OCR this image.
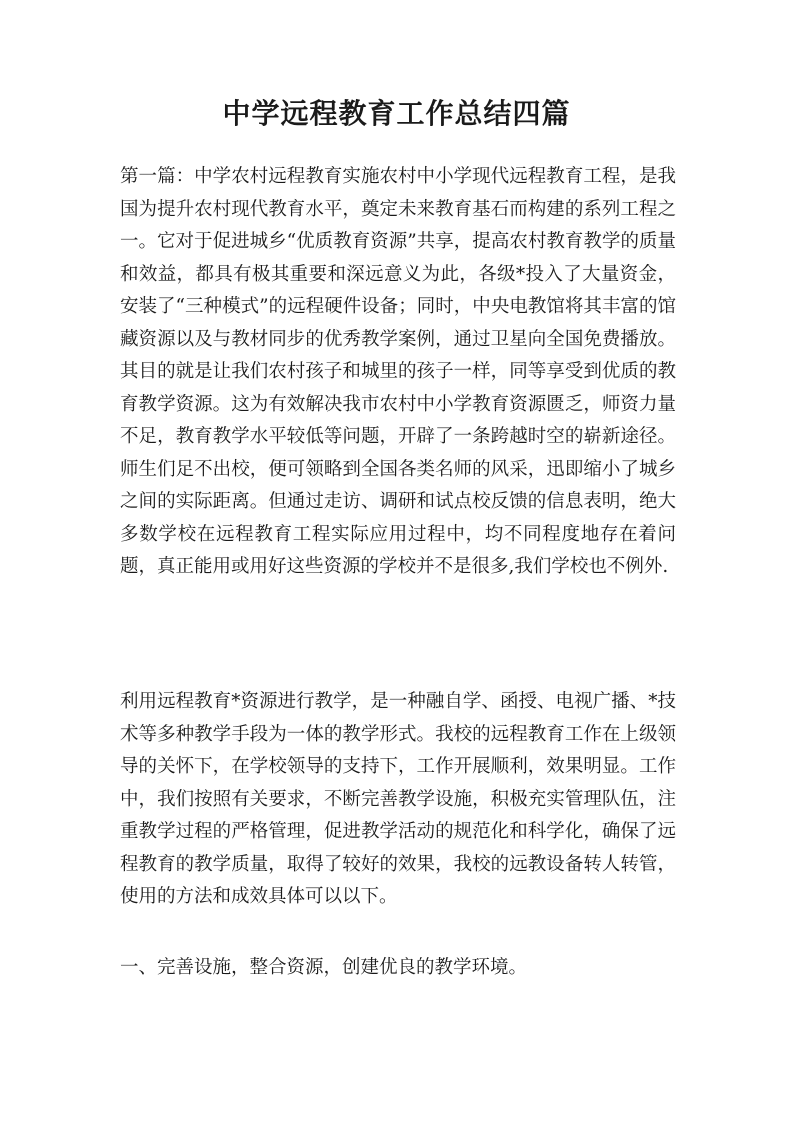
中学远程教育工作总结四篇

第一篇：中学农村远程教育实施农村中小学现代远程教育工程，是我国为提升农村现代教育水平，奠定未来教育基石而构建的系列工程之一。它对于促进城乡“优质教育资源”共享，提高农村教育教学的质量和效益，都具有极其重要和深远意义为此，各级*投入了大量资金，安装了“三种模式”的远程硬件设备；同时，中央电教馆将其丰富的馆藏资源以及与教材同步的优秀教学案例，通过卫星向全国免费播放。其目的就是让我们农村孩子和城里的孩子一样，同等享受到优质的教育教学资源。这为有效解决我市农村中小学教育资源匮乏，师资力量不足，教育教学水平较低等问题，开辟了一条跨越时空的崭新途径。师生们足不出校，便可领略到全国各类名师的风采，迅即缩小了城乡之间的实际距离。但通过走访、调研和试点校反馈的信息表明，绝大多数学校在远程教育工程实际应用过程中，均不同程度地存在着问题，真正能用或用好这些资源的学校并不是很多,我们学校也不例外.

利用远程教育*资源进行教学，是一种融自学、函授、电视广播、*技术等多种教学手段为一体的教学形式。我校的远程教育工作在上级领导的关怀下，在学校领导的支持下，工作开展顺利，效果明显。工作中，我们按照有关要求，不断完善教学设施，积极充实管理队伍，注重教学过程的严格管理，促进教学活动的规范化和科学化，确保了远程教育的教学质量，取得了较好的效果，我校的远教设备转人转管，使用的方法和成效具体可以以下。

一、完善设施，整合资源，创建优良的教学环境。
